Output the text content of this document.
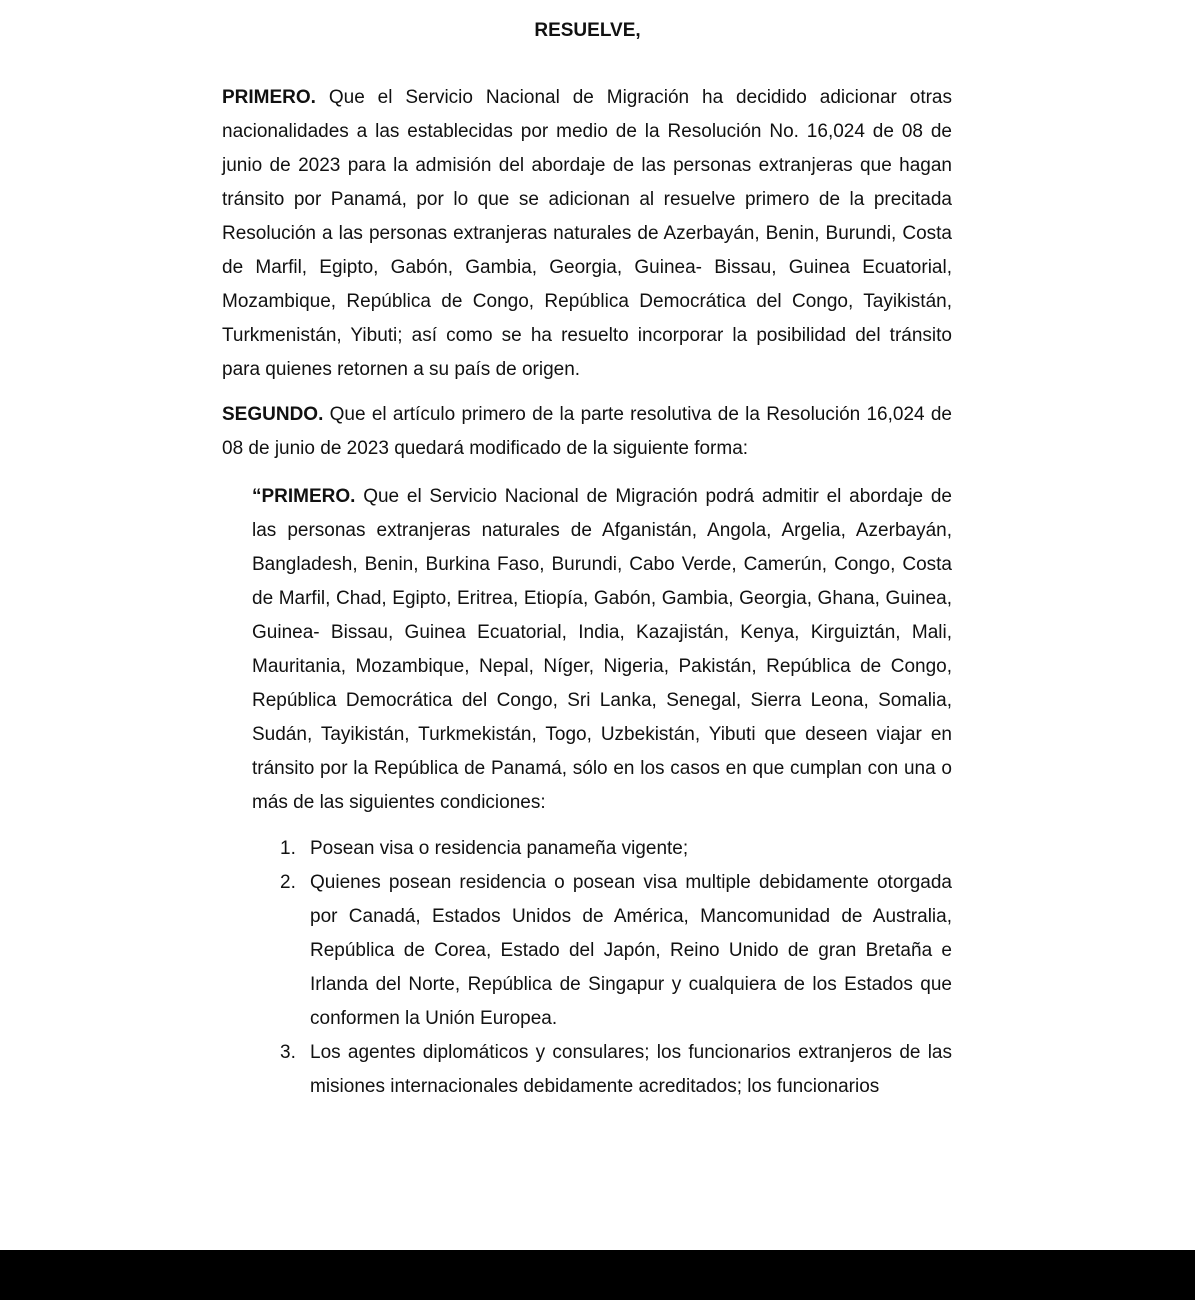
RESUELVE,

PRIMERO. Que el Servicio Nacional de Migración ha decidido adicionar otras nacionalidades a las establecidas por medio de la Resolución No. 16,024 de 08 de junio de 2023 para la admisión del abordaje de las personas extranjeras que hagan tránsito por Panamá, por lo que se adicionan al resuelve primero de la precitada Resolución a las personas extranjeras naturales de Azerbayán, Benin, Burundi, Costa de Marfil, Egipto, Gabón, Gambia, Georgia, Guinea- Bissau, Guinea Ecuatorial, Mozambique, República de Congo, República Democrática del Congo, Tayikistán, Turkmenistán, Yibuti; así como se ha resuelto incorporar la posibilidad del tránsito para quienes retornen a su país de origen.

SEGUNDO. Que el artículo primero de la parte resolutiva de la Resolución 16,024 de 08 de junio de 2023 quedará modificado de la siguiente forma:

“PRIMERO. Que el Servicio Nacional de Migración podrá admitir el abordaje de las personas extranjeras naturales de Afganistán, Angola, Argelia, Azerbayán, Bangladesh, Benin, Burkina Faso, Burundi, Cabo Verde, Camerún, Congo, Costa de Marfil, Chad, Egipto, Eritrea, Etiopía, Gabón, Gambia, Georgia, Ghana, Guinea, Guinea- Bissau, Guinea Ecuatorial, India, Kazajistán, Kenya, Kirguiztán, Mali, Mauritania, Mozambique, Nepal, Níger, Nigeria, Pakistán, República de Congo, República Democrática del Congo, Sri Lanka, Senegal, Sierra Leona, Somalia, Sudán, Tayikistán, Turkmekistán, Togo, Uzbekistán, Yibuti que deseen viajar en tránsito por la República de Panamá, sólo en los casos en que cumplan con una o más de las siguientes condiciones:

1. Posean visa o residencia panameña vigente;
2. Quienes posean residencia o posean visa multiple debidamente otorgada por Canadá, Estados Unidos de América, Mancomunidad de Australia, República de Corea, Estado del Japón, Reino Unido de gran Bretaña e Irlanda del Norte, República de Singapur y cualquiera de los Estados que conformen la Unión Europea.
3. Los agentes diplomáticos y consulares; los funcionarios extranjeros de las misiones internacionales debidamente acreditados; los funcionarios
